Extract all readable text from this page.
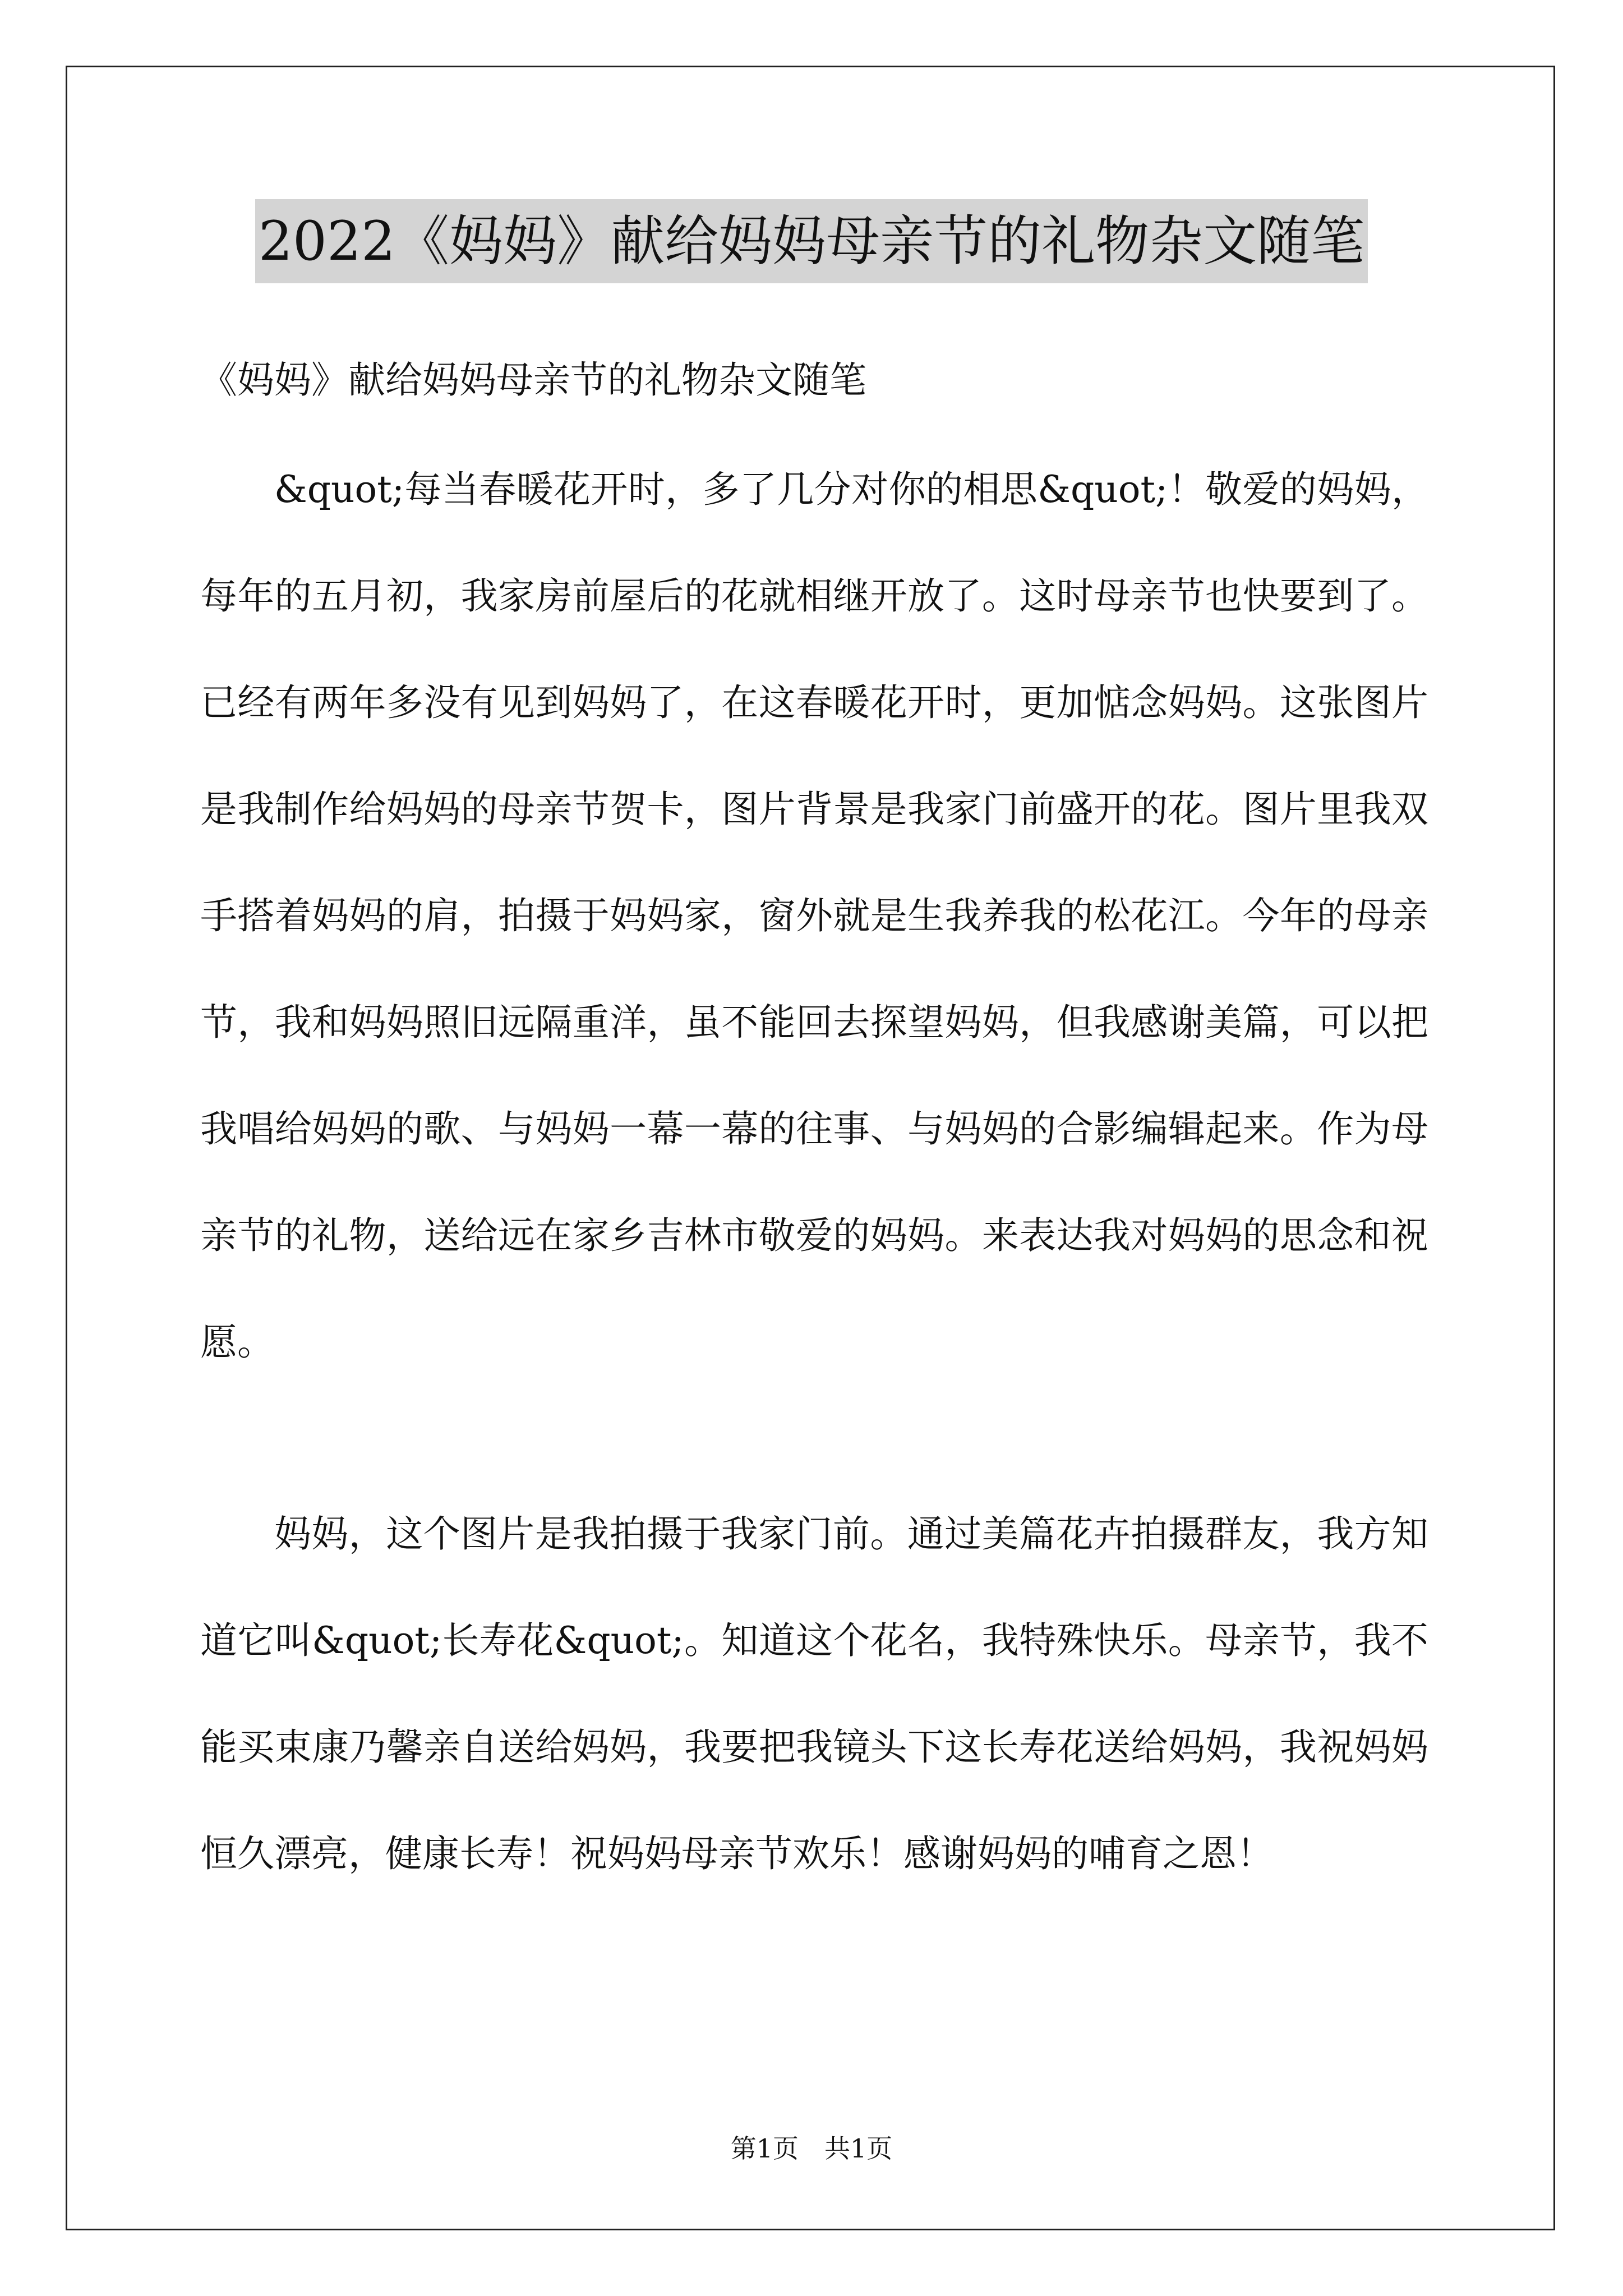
2022《妈妈》献给妈妈母亲节的礼物杂文随笔
《妈妈》献给妈妈母亲节的礼物杂文随笔

&quot;每当春暖花开时，多了几分对你的相思&quot;！敬爱的妈妈，每年的五月初，我家房前屋后的花就相继开放了。这时母亲节也快要到了。已经有两年多没有见到妈妈了，在这春暖花开时，更加惦念妈妈。这张图片是我制作给妈妈的母亲节贺卡，图片背景是我家门前盛开的花。图片里我双手搭着妈妈的肩，拍摄于妈妈家，窗外就是生我养我的松花江。今年的母亲节，我和妈妈照旧远隔重洋，虽不能回去探望妈妈，但我感谢美篇，可以把我唱给妈妈的歌、与妈妈一幕一幕的往事、与妈妈的合影编辑起来。作为母亲节的礼物，送给远在家乡吉林市敬爱的妈妈。来表达我对妈妈的思念和祝愿。

妈妈，这个图片是我拍摄于我家门前。通过美篇花卉拍摄群友，我方知道它叫&quot;长寿花&quot;。知道这个花名，我特殊快乐。母亲节，我不能买束康乃馨亲自送给妈妈，我要把我镜头下这长寿花送给妈妈，我祝妈妈恒久漂亮，健康长寿！祝妈妈母亲节欢乐！感谢妈妈的哺育之恩！

第1页　共1页
